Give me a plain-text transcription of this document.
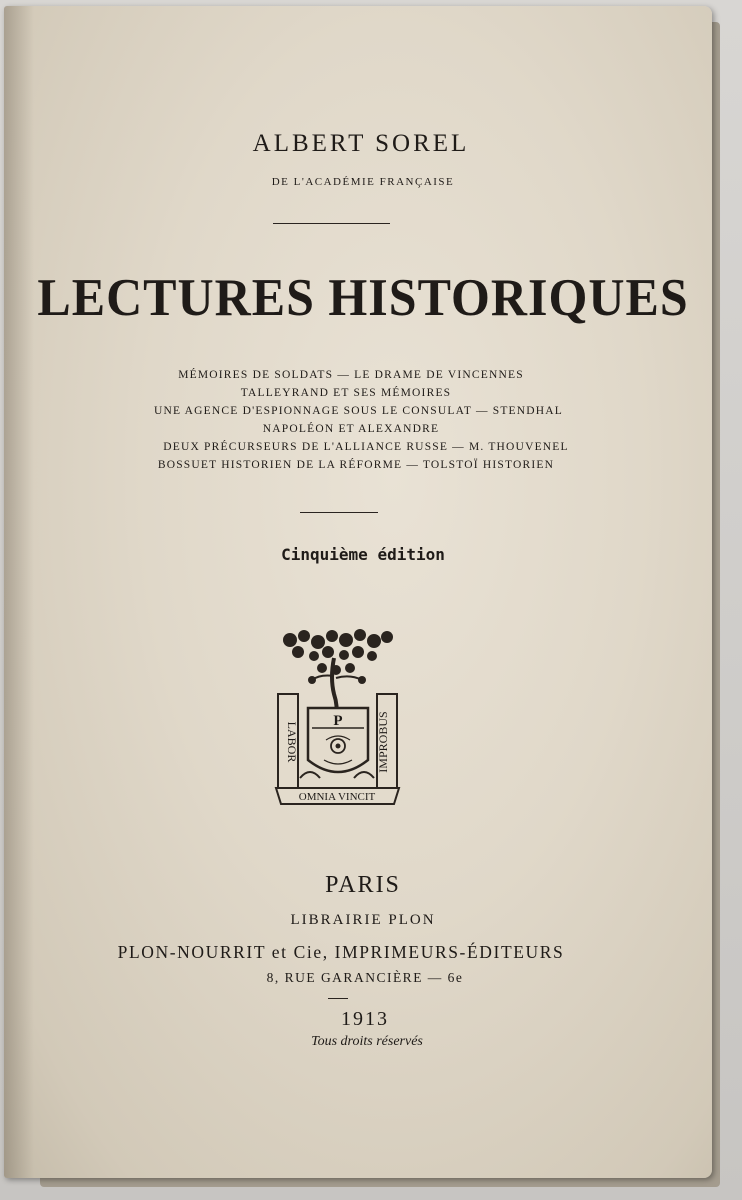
ALBERT SOREL
DE L'ACADÉMIE FRANÇAISE
LECTURES HISTORIQUES
MÉMOIRES DE SOLDATS — LE DRAME DE VINCENNES
TALLEYRAND ET SES MÉMOIRES
UNE AGENCE D'ESPIONNAGE SOUS LE CONSULAT — STENDHAL
NAPOLÉON ET ALEXANDRE
DEUX PRÉCURSEURS DE L'ALLIANCE RUSSE — M. THOUVENEL
BOSSUET HISTORIEN DE LA RÉFORME — TOLSTOÏ HISTORIEN
Cinquième édition
LABOR	IMPROBUS
P
OMNIA VINCIT
PARIS
LIBRAIRIE PLON
PLON-NOURRIT et Cie, IMPRIMEURS-ÉDITEURS
8, RUE GARANCIÈRE — 6e
1913
Tous droits réservés
